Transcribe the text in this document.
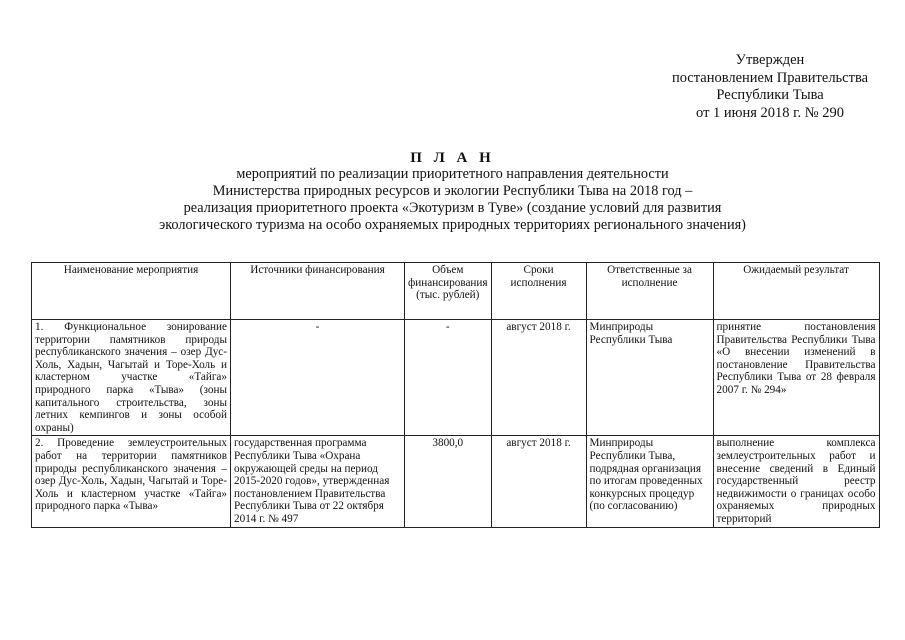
Утвержден
постановлением Правительства
Республики Тыва
от 1 июня 2018 г. № 290
П Л А Н
мероприятий по реализации приоритетного направления деятельности
Министерства природных ресурсов и экологии Республики Тыва на 2018 год –
реализация приоритетного проекта «Экотуризм в Туве» (создание условий для развития
экологического туризма на особо охраняемых природных территориях регионального значения)
Наименование мероприятия	Источники финансирования	Объем финансирования (тыс. рублей)	Сроки исполнения	Ответственные за исполнение	Ожидаемый результат
1. Функциональное зонирование территории памятников природы республиканского значения – озер Дус-Холь, Хадын, Чагытай и Торе-Холь и кластерном участке «Тайга» природного парка «Тыва» (зоны капитального строительства, зоны летних кемпингов и зоны особой охраны)	-	-	август 2018 г.	Минприроды Республики Тыва	принятие постановления Правительства Республики Тыва «О внесении изменений в постановление Правительства Республики Тыва от 28 февраля 2007 г. № 294»
2. Проведение землеустроительных работ на территории памятников природы республиканского значения – озер Дус-Холь, Хадын, Чагытай и Торе-Холь и кластерном участке «Тайга» природного парка «Тыва»	государственная программа Республики Тыва «Охрана окружающей среды на период 2015-2020 годов», утвержденная постановлением Правительства Республики Тыва от 22 октября 2014 г. № 497	3800,0	август 2018 г.	Минприроды Республики Тыва, подрядная организация по итогам проведенных конкурсных процедур (по согласованию)	выполнение комплекса землеустроительных работ и внесение сведений в Единый государственный реестр недвижимости о границах особо охраняемых природных территорий
